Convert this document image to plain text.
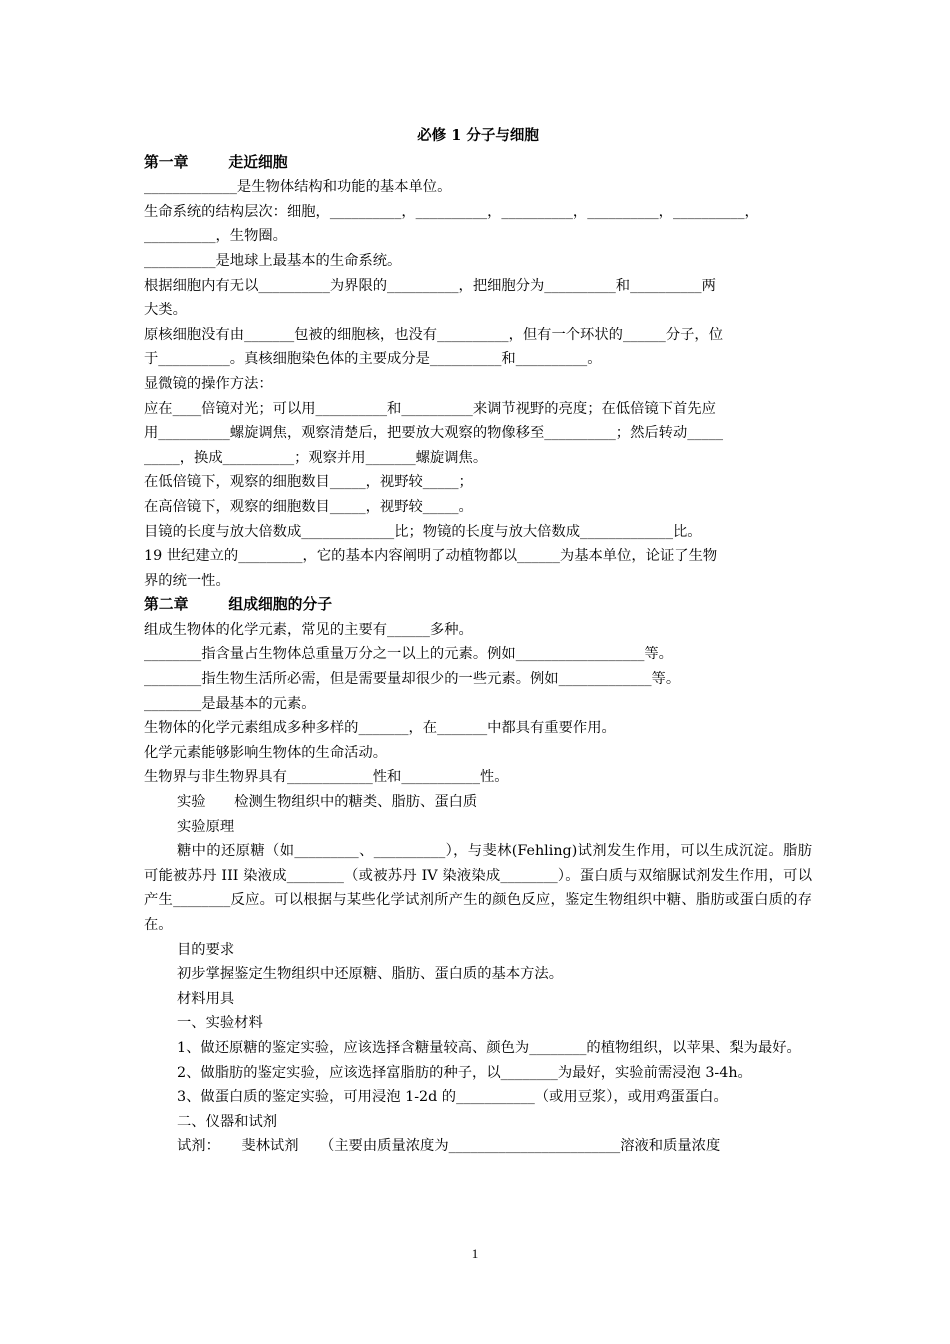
必修 1 分子与细胞
第一章	走近细胞
_____________是生物体结构和功能的基本单位。
生命系统的结构层次：细胞，__________，__________，__________，__________，__________，
__________，生物圈。
__________是地球上最基本的生命系统。
根据细胞内有无以__________为界限的__________，把细胞分为__________和__________两
大类。
原核细胞没有由_______包被的细胞核，也没有__________，但有一个环状的______分子，位
于__________。真核细胞染色体的主要成分是__________和__________。
显微镜的操作方法：
应在____倍镜对光；可以用__________和__________来调节视野的亮度；在低倍镜下首先应
用__________螺旋调焦，观察清楚后，把要放大观察的物像移至__________；然后转动_____
_____，换成__________；观察并用_______螺旋调焦。
在低倍镜下，观察的细胞数目_____，视野较_____；
在高倍镜下，观察的细胞数目_____，视野较_____。
目镜的长度与放大倍数成_____________比；物镜的长度与放大倍数成_____________比。
19 世纪建立的_________，它的基本内容阐明了动植物都以______为基本单位，论证了生物
界的统一性。
第二章	组成细胞的分子
组成生物体的化学元素，常见的主要有______多种。
________指含量占生物体总重量万分之一以上的元素。例如__________________等。
________指生物生活所必需，但是需要量却很少的一些元素。例如_____________等。
________是最基本的元素。
生物体的化学元素组成多种多样的_______，在_______中都具有重要作用。
化学元素能够影响生物体的生命活动。
生物界与非生物界具有____________性和___________性。
实验　　检测生物组织中的糖类、脂肪、蛋白质
实验原理
糖中的还原糖（如_________、__________），与斐林(Fehling)试剂发生作用，可以生成沉淀。脂肪可能被苏丹 III 染液成________（或被苏丹 IV 染液染成________）。蛋白质与双缩脲试剂发生作用，可以产生________反应。可以根据与某些化学试剂所产生的颜色反应，鉴定生物组织中糖、脂肪或蛋白质的存在。
目的要求
初步掌握鉴定生物组织中还原糖、脂肪、蛋白质的基本方法。
材料用具
一、实验材料
1、做还原糖的鉴定实验，应该选择含糖量较高、颜色为________的植物组织，以苹果、梨为最好。
2、做脂肪的鉴定实验，应该选择富脂肪的种子，以________为最好，实验前需浸泡 3-4h。
3、做蛋白质的鉴定实验，可用浸泡 1-2d 的___________（或用豆浆），或用鸡蛋蛋白。
二、仪器和试剂
试剂：　　斐林试剂　　（主要由质量浓度为________________________溶液和质量浓度
1
